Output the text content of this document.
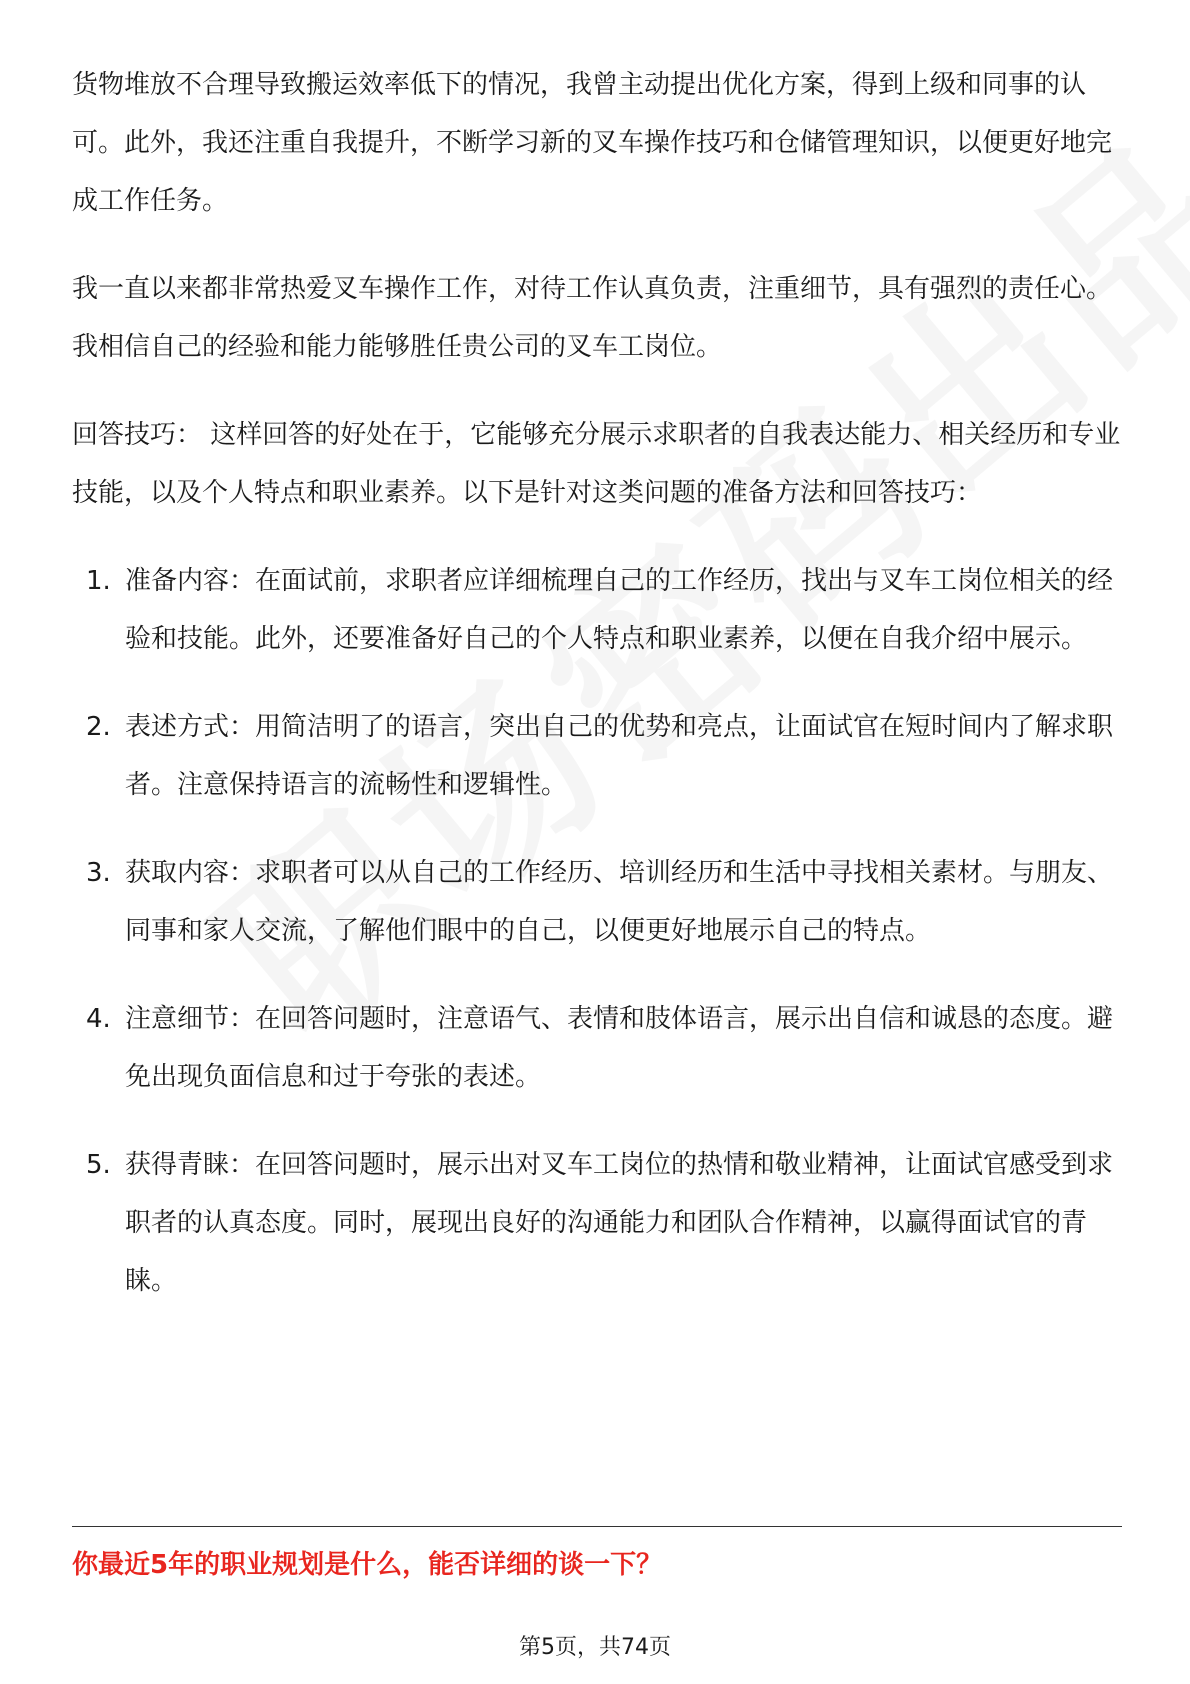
货物堆放不合理导致搬运效率低下的情况，我曾主动提出优化方案，得到上级和同事的认可。此外，我还注重自我提升，不断学习新的叉车操作技巧和仓储管理知识，以便更好地完成工作任务。

我一直以来都非常热爱叉车操作工作，对待工作认真负责，注重细节，具有强烈的责任心。我相信自己的经验和能力能够胜任贵公司的叉车工岗位。

回答技巧： 这样回答的好处在于，它能够充分展示求职者的自我表达能力、相关经历和专业技能，以及个人特点和职业素养。以下是针对这类问题的准备方法和回答技巧：

1. 准备内容：在面试前，求职者应详细梳理自己的工作经历，找出与叉车工岗位相关的经验和技能。此外，还要准备好自己的个人特点和职业素养，以便在自我介绍中展示。
2. 表述方式：用简洁明了的语言，突出自己的优势和亮点，让面试官在短时间内了解求职者。注意保持语言的流畅性和逻辑性。
3. 获取内容：求职者可以从自己的工作经历、培训经历和生活中寻找相关素材。与朋友、同事和家人交流，了解他们眼中的自己，以便更好地展示自己的特点。
4. 注意细节：在回答问题时，注意语气、表情和肢体语言，展示出自信和诚恳的态度。避免出现负面信息和过于夸张的表述。
5. 获得青睐：在回答问题时，展示出对叉车工岗位的热情和敬业精神，让面试官感受到求职者的认真态度。同时，展现出良好的沟通能力和团队合作精神，以赢得面试官的青睐。
你最近5年的职业规划是什么，能否详细的谈一下？
第5页，共74页
